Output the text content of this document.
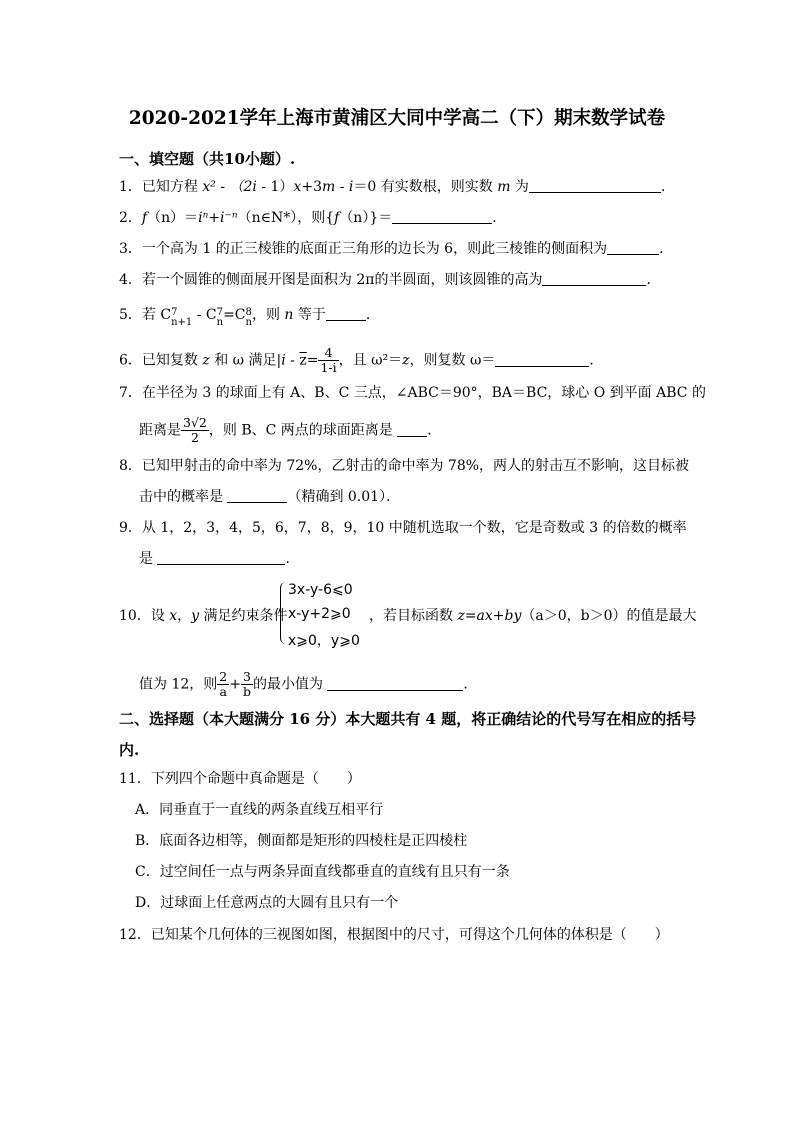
2020-2021学年上海市黄浦区大同中学高二（下）期末数学试卷
一、填空题（共10小题）.
1．已知方程 x² - （2i - 1）x+3m - i＝0 有实数根，则实数 m 为	．
2．f（n）＝iⁿ+i⁻ⁿ（n∈N*），则{f（n）}＝	．
3．一个高为 1 的正三棱锥的底面正三角形的边长为 6，则此三棱锥的侧面积为	．
4．若一个圆锥的侧面展开图是面积为 2π的半圆面，则该圆锥的高为	．
5．若 C 7
n+1 - C 7
n =C 8
n ，则 n 等于	．
6．已知复数 z 和 ω 满足$|i - \overline{z}= \frac{4}{1-i}$ ，且 ω²＝z，则复数 ω＝	．
7．在半径为 3 的球面上有 A、B、C 三点，∠ABC＝90°，BA＝BC，球心 O 到平面 ABC 的
距离是 $\frac{3√2}{2}$ ，则 B、C 两点的球面距离是 ．
8．已知甲射击的命中率为 72%，乙射击的命中率为 78%，两人的射击互不影响，这目标被
击中的概率是	（精确到 0.01）．
9．从 1，2，3，4，5，6，7，8，9，10 中随机选取一个数，它是奇数或 3 的倍数的概率
是	．
10．设 x，y 满足约束条件
3x-y-6⩽0
x-y+2⩾0
x⩾0，y⩾0
，若目标函数 z=ax+by（a＞0，b＞0）的值是最大
值为 12，则 $\frac{2}{a} + \frac{3}{b}$ 的最小值为	．
二、选择题（本大题满分 16 分）本大题共有 4 题，将正确结论的代号写在相应的括号
内.
11．下列四个命题中真命题是（　　）
A．同垂直于一直线的两条直线互相平行
B．底面各边相等，侧面都是矩形的四棱柱是正四棱柱
C．过空间任一点与两条异面直线都垂直的直线有且只有一条
D．过球面上任意两点的大圆有且只有一个
12．已知某个几何体的三视图如图，根据图中的尺寸，可得这个几何体的体积是（　　）
